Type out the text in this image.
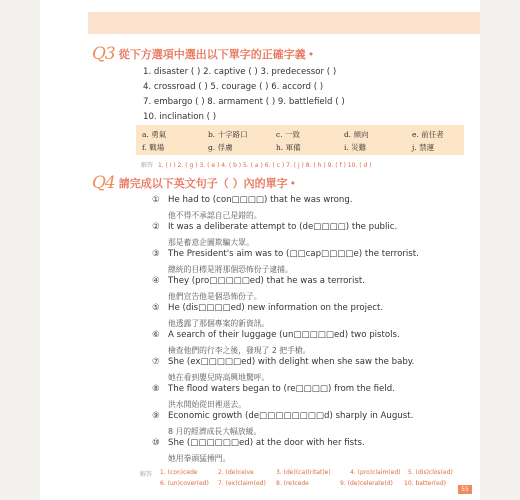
Q3 從下方選項中選出以下單字的正確字義 •
1. disaster ( ) 2. captive ( ) 3. predecessor ( )
4. crossroad ( ) 5. courage ( ) 6. accord ( )
7. embargo ( ) 8. armament ( ) 9. battlefield ( )
10. inclination ( )
a. 勇氣	b. 十字路口	c. 一致	d. 傾向	e. 前任者
f. 戰場	g. 俘虜	h. 軍備	i. 災難	j. 禁運
解答 1. ( i ) 2. ( g ) 3. ( e ) 4. ( b ) 5. ( a ) 6. ( c ) 7. ( j ) 8. ( h ) 9. ( f ) 10. ( d )
Q4 請完成以下英文句子（ ）內的單字 •
① He had to (con□□□□) that he was wrong.
他不得不承認自己是錯的。
② It was a deliberate attempt to (de□□□□) the public.
那是蓄意企圖欺騙大眾。
③ The President's aim was to (□□cap□□□□e) the terrorist.
總統的目標是將那個恐怖份子逮捕。
④ They (pro□□□□□ed) that he was a terrorist.
他們宣告他是個恐怖份子。
⑤ He (dis□□□□ed) new information on the project.
他透露了那個專案的新資訊。
⑥ A search of their luggage (un□□□□□ed) two pistols.
檢查他們的行李之後，發現了 2 把手槍。
⑦ She (ex□□□□□ed) with delight when she saw the baby.
她在看到嬰兒時高興地驚呼。
⑧ The flood waters began to (re□□□□) from the field.
洪水開始從田裡退去。
⑨ Economic growth (de□□□□□□□□d) sharply in August.
8 月的經濟成長大幅放緩。
⑩ She (□□□□□□ed) at the door with her fists.
她用拳頭猛捶門。
解答 1. (con)cede	2. (de)ceive	3. (de)(ca)(ritat)e)	4. (pro)claim(ed) 5. (dis)clos(ed)
6. (un)cover(ed) 7. (ex)claim(ed) 8. (re)cede	9. (de)celerate(d) 10. batter(ed)
55
